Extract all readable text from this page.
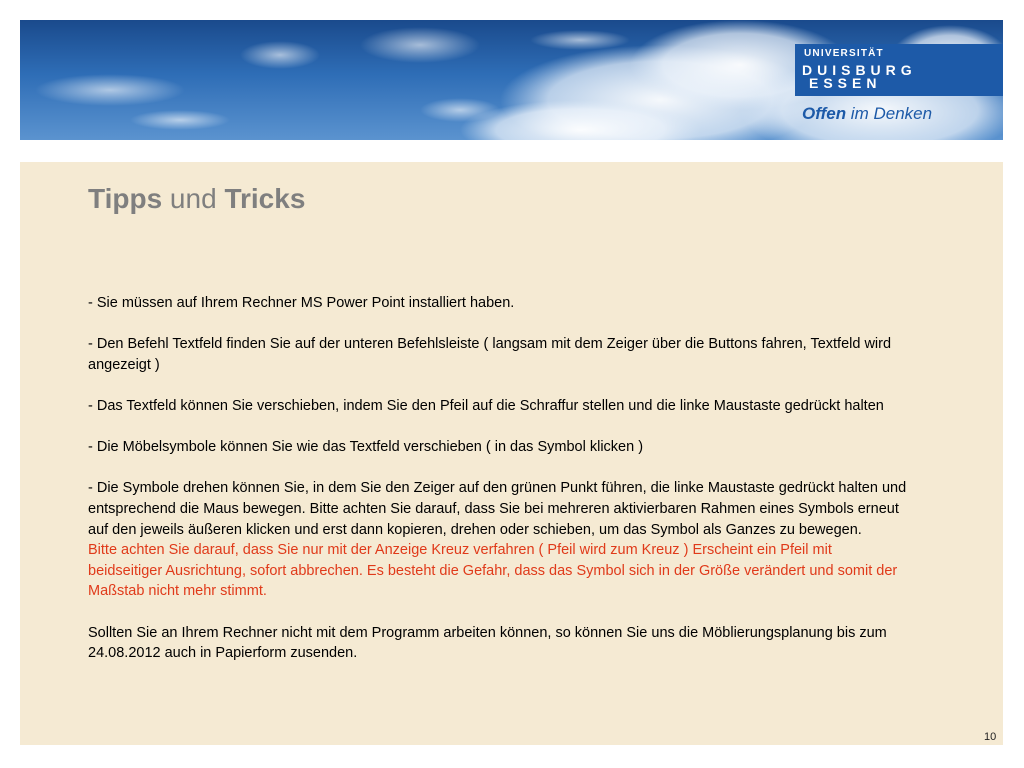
UNIVERSITÄT
DUISBURG
ESSEN
Offen im Denken
Tipps und Tricks

- Sie müssen auf Ihrem Rechner MS Power Point installiert haben.

- Den Befehl Textfeld finden Sie auf der unteren Befehlsleiste ( langsam mit dem Zeiger über die Buttons fahren, Textfeld wird angezeigt )

- Das Textfeld können Sie verschieben, indem Sie den Pfeil auf die Schraffur stellen und die linke Maustaste gedrückt halten

- Die Möbelsymbole können Sie wie das Textfeld verschieben ( in das Symbol klicken )

- Die Symbole drehen können Sie, in dem Sie den Zeiger auf den grünen Punkt führen, die linke Maustaste gedrückt halten und entsprechend die Maus bewegen. Bitte achten Sie darauf, dass Sie bei mehreren aktivierbaren Rahmen eines Symbols erneut auf den jeweils äußeren klicken und erst dann kopieren, drehen oder schieben, um das Symbol als Ganzes zu bewegen.

Bitte achten Sie darauf, dass Sie nur mit der Anzeige Kreuz verfahren ( Pfeil wird zum Kreuz ) Erscheint ein Pfeil mit beidseitiger Ausrichtung, sofort abbrechen. Es besteht die Gefahr, dass das Symbol sich in der Größe verändert und somit der Maßstab nicht mehr stimmt.

Sollten Sie an Ihrem Rechner nicht mit dem Programm arbeiten können, so können Sie uns die Möblierungsplanung bis zum 24.08.2012 auch in Papierform zusenden.

10
